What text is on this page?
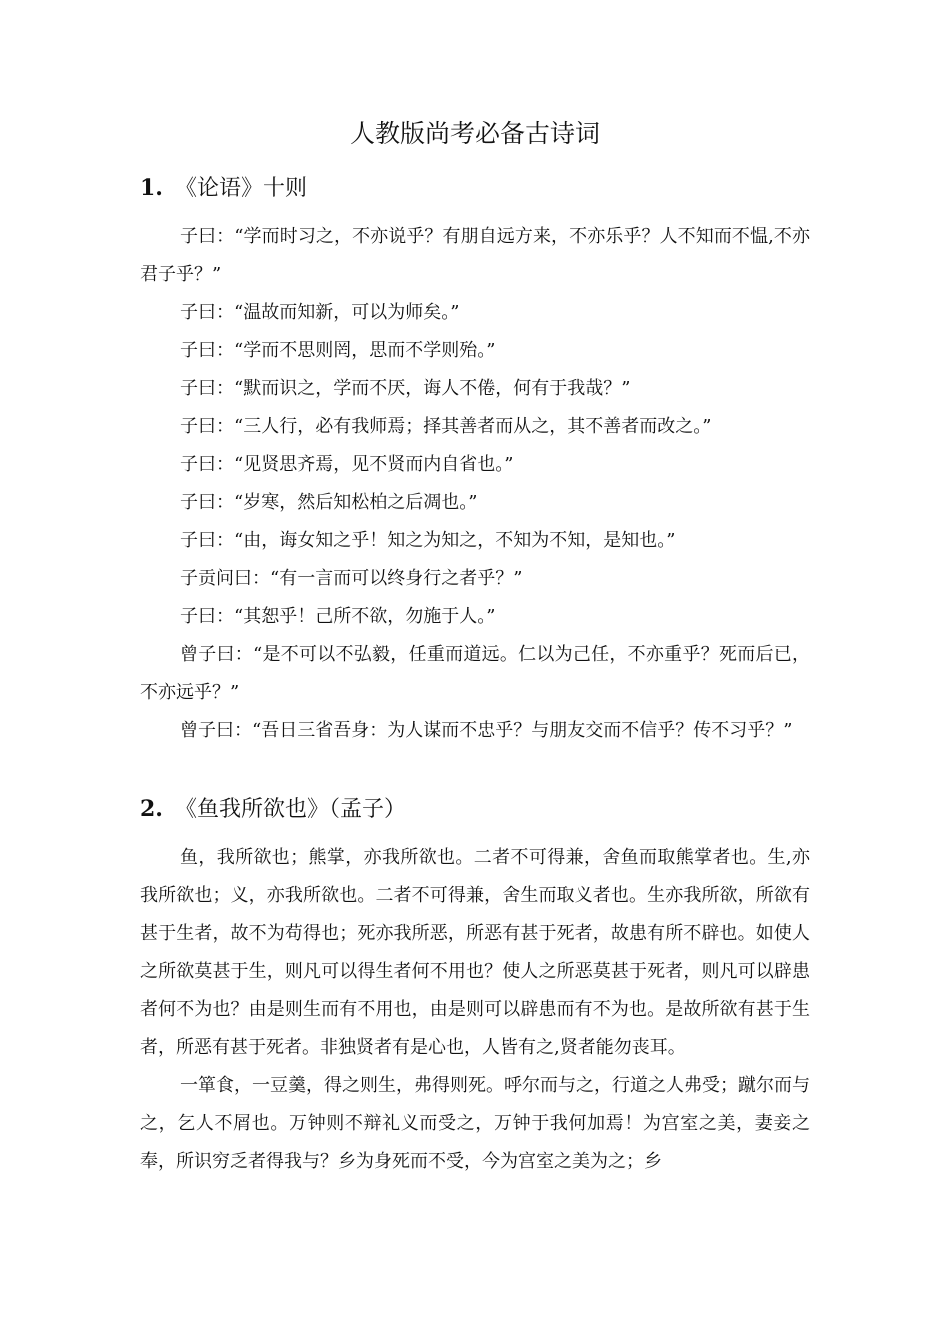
人教版尚考必备古诗词
1. 《论语》十则

子曰：“学而时习之，不亦说乎？有朋自远方来，不亦乐乎？人不知而不愠,不亦君子乎？”

子曰：“温故而知新，可以为师矣。”

子曰：“学而不思则罔，思而不学则殆。”

子曰：“默而识之，学而不厌，诲人不倦，何有于我哉？”

子曰：“三人行，必有我师焉；择其善者而从之，其不善者而改之。”

子曰：“见贤思齐焉，见不贤而内自省也。”

子曰：“岁寒，然后知松柏之后凋也。”

子曰：“由，诲女知之乎！知之为知之，不知为不知，是知也。”

子贡问曰：“有一言而可以终身行之者乎？”

子曰：“其恕乎！己所不欲，勿施于人。”

曾子曰：“是不可以不弘毅，任重而道远。仁以为己任，不亦重乎？死而后已，不亦远乎？”

曾子曰：“吾日三省吾身：为人谋而不忠乎？与朋友交而不信乎？传不习乎？”

2. 《鱼我所欲也》（孟子）

鱼，我所欲也；熊掌，亦我所欲也。二者不可得兼，舍鱼而取熊掌者也。生,亦我所欲也；义，亦我所欲也。二者不可得兼，舍生而取义者也。生亦我所欲，所欲有甚于生者，故不为苟得也；死亦我所恶，所恶有甚于死者，故患有所不辟也。如使人之所欲莫甚于生，则凡可以得生者何不用也？使人之所恶莫甚于死者，则凡可以辟患者何不为也？由是则生而有不用也，由是则可以辟患而有不为也。是故所欲有甚于生者，所恶有甚于死者。非独贤者有是心也，人皆有之,贤者能勿丧耳。

一箪食，一豆羹，得之则生，弗得则死。呼尔而与之，行道之人弗受；蹴尔而与之，乞人不屑也。万钟则不辩礼义而受之，万钟于我何加焉！为宫室之美，妻妾之奉，所识穷乏者得我与？乡为身死而不受，今为宫室之美为之；乡
